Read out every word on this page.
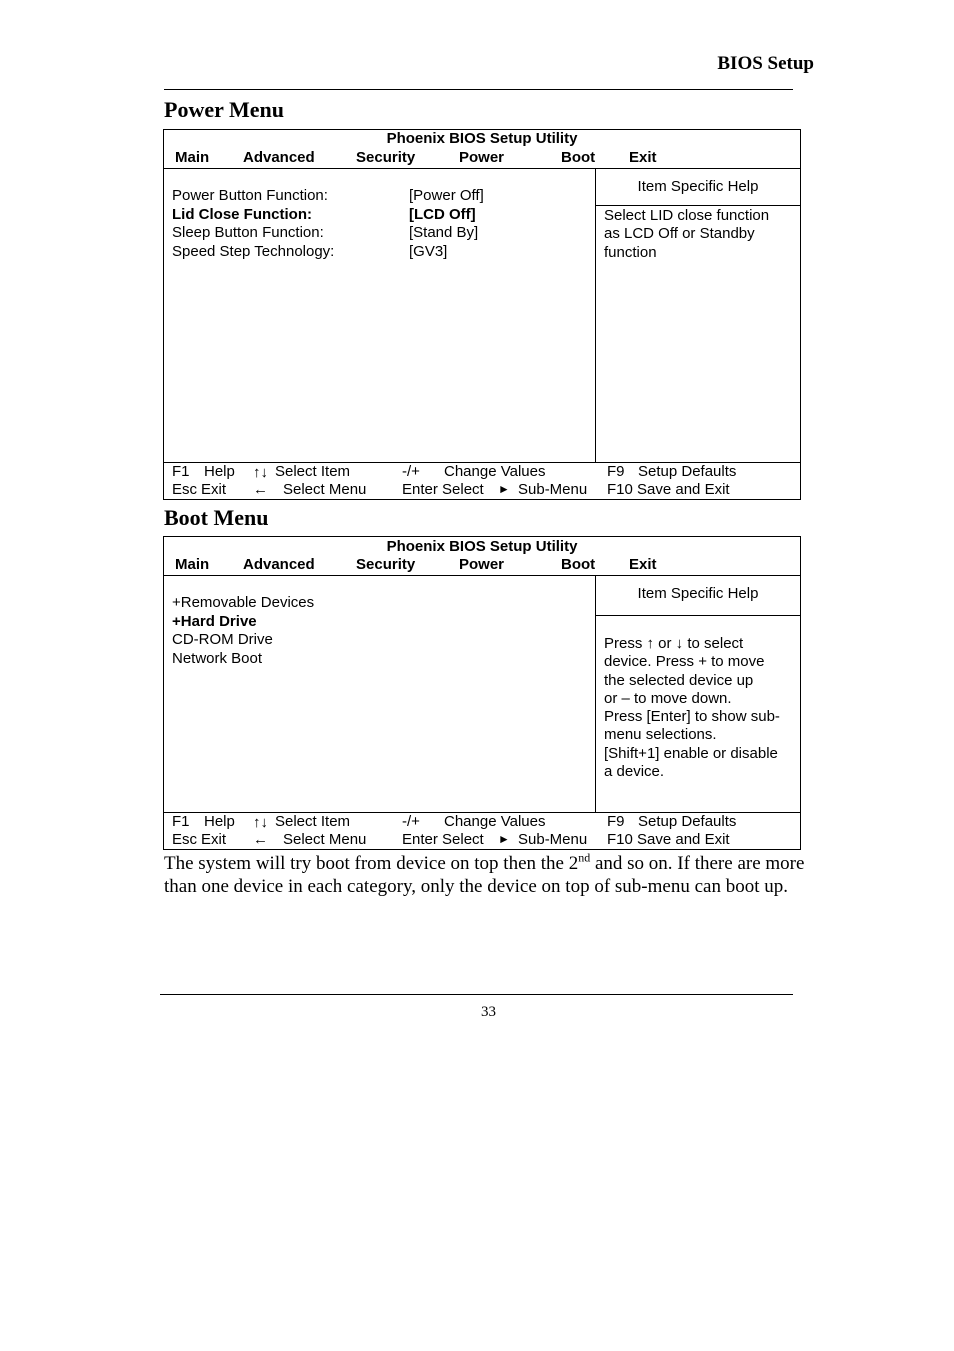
BIOS Setup
Power Menu
Phoenix BIOS Setup Utility
Main Advanced	Security	Power	Boot Exit
Item Specific Help
Power Button Function:	[Power Off]
Lid Close Function:	[LCD Off]
Sleep Button Function:	[Stand By]
Speed Step Technology:	[GV3]
Select LID close function
as LCD Off or Standby
function
F1 Help ↑↓ Select Item	-/+ Change Values	F9 Setup Defaults
Esc Exit ← Select Menu Enter Select ► Sub-Menu F10 Save and Exit
Boot Menu
Phoenix BIOS Setup Utility
Main Advanced	Security	Power	Boot Exit
Item Specific Help
+Removable Devices
+Hard Drive
CD-ROM Drive
Network Boot
Press ↑ or ↓ to select
device. Press + to move
the selected device up
or – to move down.
Press [Enter] to show sub-
menu selections.
[Shift+1] enable or disable
a device.
F1 Help ↑↓ Select Item	-/+ Change Values	F9 Setup Defaults
Esc Exit ← Select Menu Enter Select ► Sub-Menu F10 Save and Exit
The system will try boot from device on top then the 2nd and so on. If there are more than one device in each category, only the device on top of sub-menu can boot up.
33
